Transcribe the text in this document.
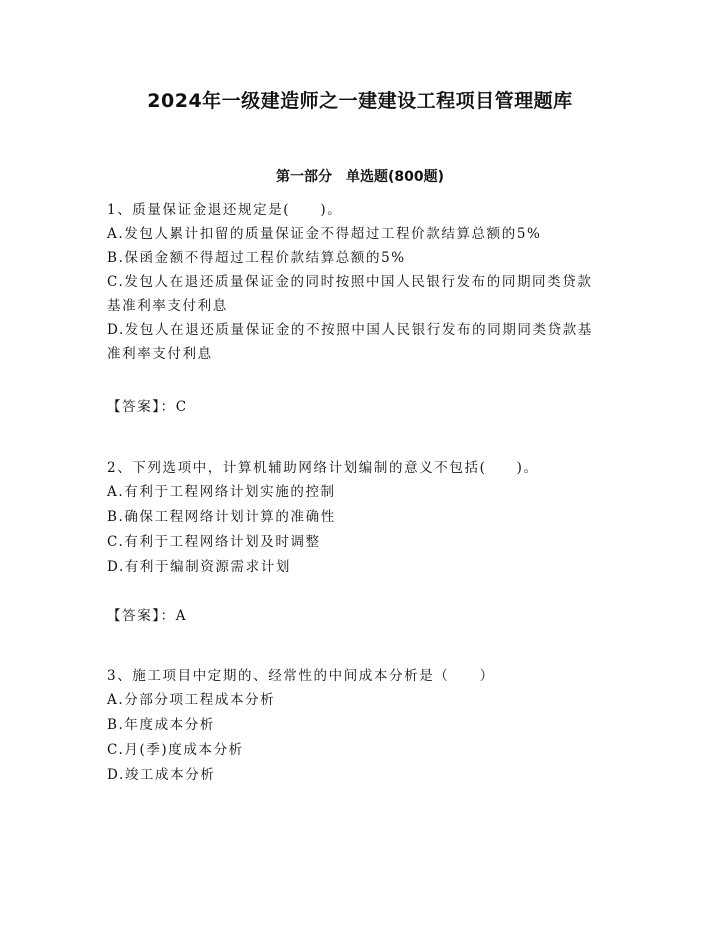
2024年一级建造师之一建建设工程项目管理题库
第一部分 单选题(800题)
1、质量保证金退还规定是(　　)。
A.发包人累计扣留的质量保证金不得超过工程价款结算总额的5%
B.保函金额不得超过工程价款结算总额的5%
C.发包人在退还质量保证金的同时按照中国人民银行发布的同期同类贷款基准利率支付利息
D.发包人在退还质量保证金的不按照中国人民银行发布的同期同类贷款基准利率支付利息
【答案】：C
2、下列选项中，计算机辅助网络计划编制的意义不包括(　　)。
A.有利于工程网络计划实施的控制
B.确保工程网络计划计算的准确性
C.有利于工程网络计划及时调整
D.有利于编制资源需求计划
【答案】：A
3、施工项目中定期的、经常性的中间成本分析是（　　）
A.分部分项工程成本分析
B.年度成本分析
C.月(季)度成本分析
D.竣工成本分析
